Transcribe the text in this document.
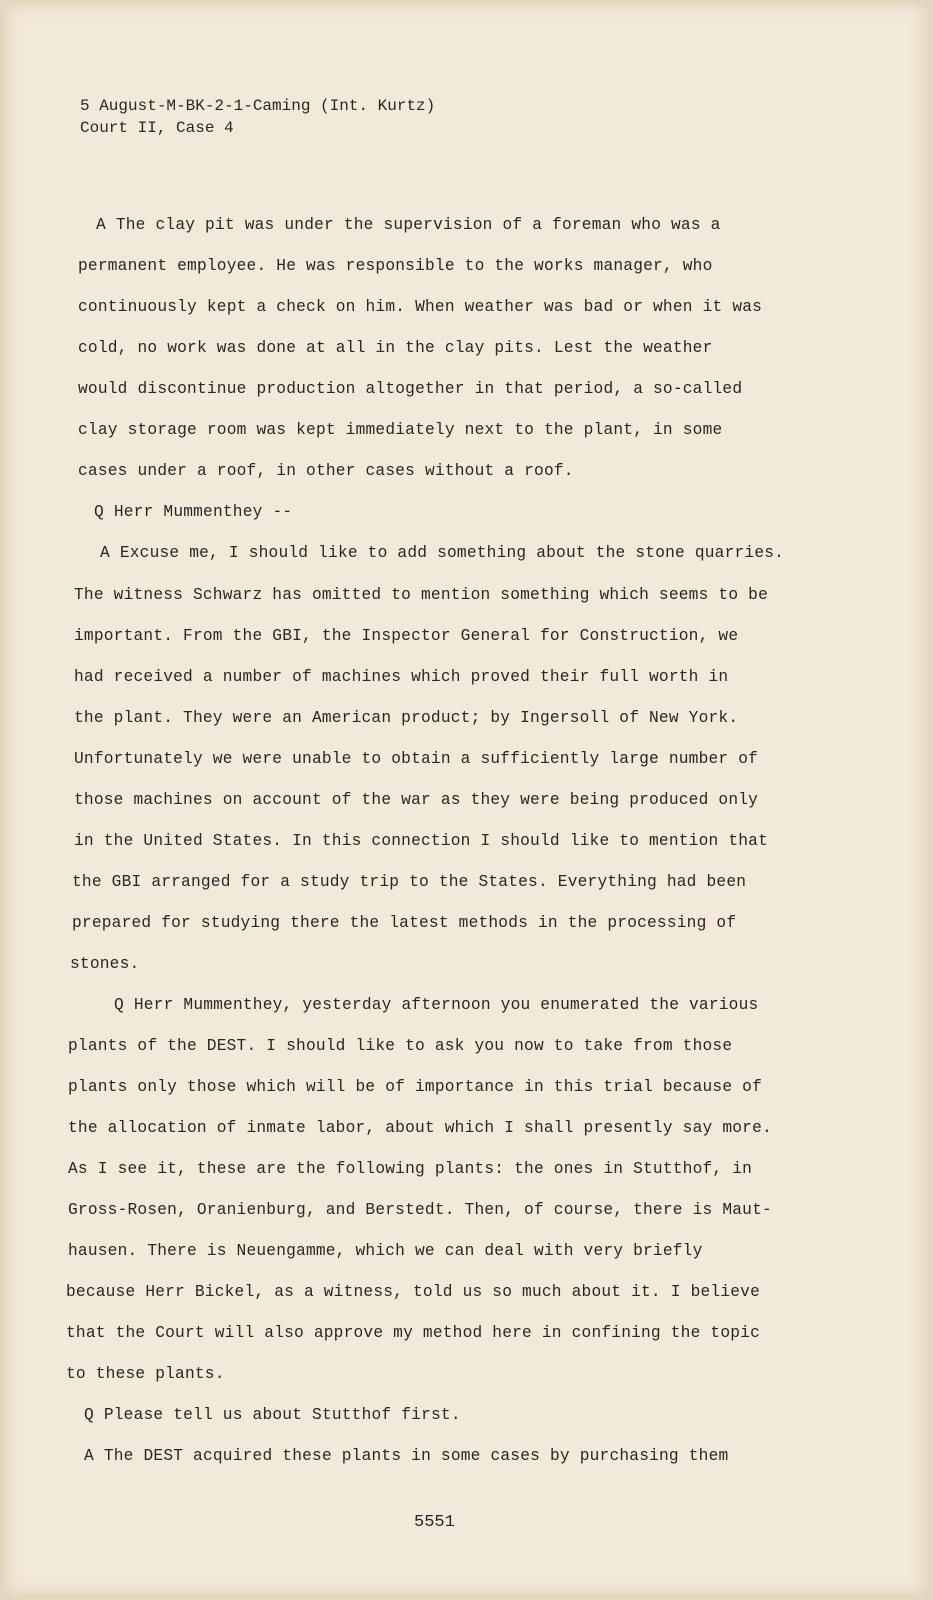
5 August-M-BK-2-1-Caming (Int. Kurtz)
Court II, Case 4
A The clay pit was under the supervision of a foreman who was a
permanent employee. He was responsible to the works manager, who
continuously kept a check on him. When weather was bad or when it was
cold, no work was done at all in the clay pits. Lest the weather
would discontinue production altogether in that period, a so-called
clay storage room was kept immediately next to the plant, in some
cases under a roof, in other cases without a roof.
Q Herr Mummenthey --
A Excuse me, I should like to add something about the stone quarries.
The witness Schwarz has omitted to mention something which seems to be
important. From the GBI, the Inspector General for Construction, we
had received a number of machines which proved their full worth in
the plant. They were an American product; by Ingersoll of New York.
Unfortunately we were unable to obtain a sufficiently large number of
those machines on account of the war as they were being produced only
in the United States. In this connection I should like to mention that
the GBI arranged for a study trip to the States. Everything had been
prepared for studying there the latest methods in the processing of
stones.
Q Herr Mummenthey, yesterday afternoon you enumerated the various
plants of the DEST. I should like to ask you now to take from those
plants only those which will be of importance in this trial because of
the allocation of inmate labor, about which I shall presently say more.
As I see it, these are the following plants: the ones in Stutthof, in
Gross-Rosen, Oranienburg, and Berstedt. Then, of course, there is Maut-
hausen. There is Neuengamme, which we can deal with very briefly
because Herr Bickel, as a witness, told us so much about it. I believe
that the Court will also approve my method here in confining the topic
to these plants.
Q Please tell us about Stutthof first.
A The DEST acquired these plants in some cases by purchasing them
5551
